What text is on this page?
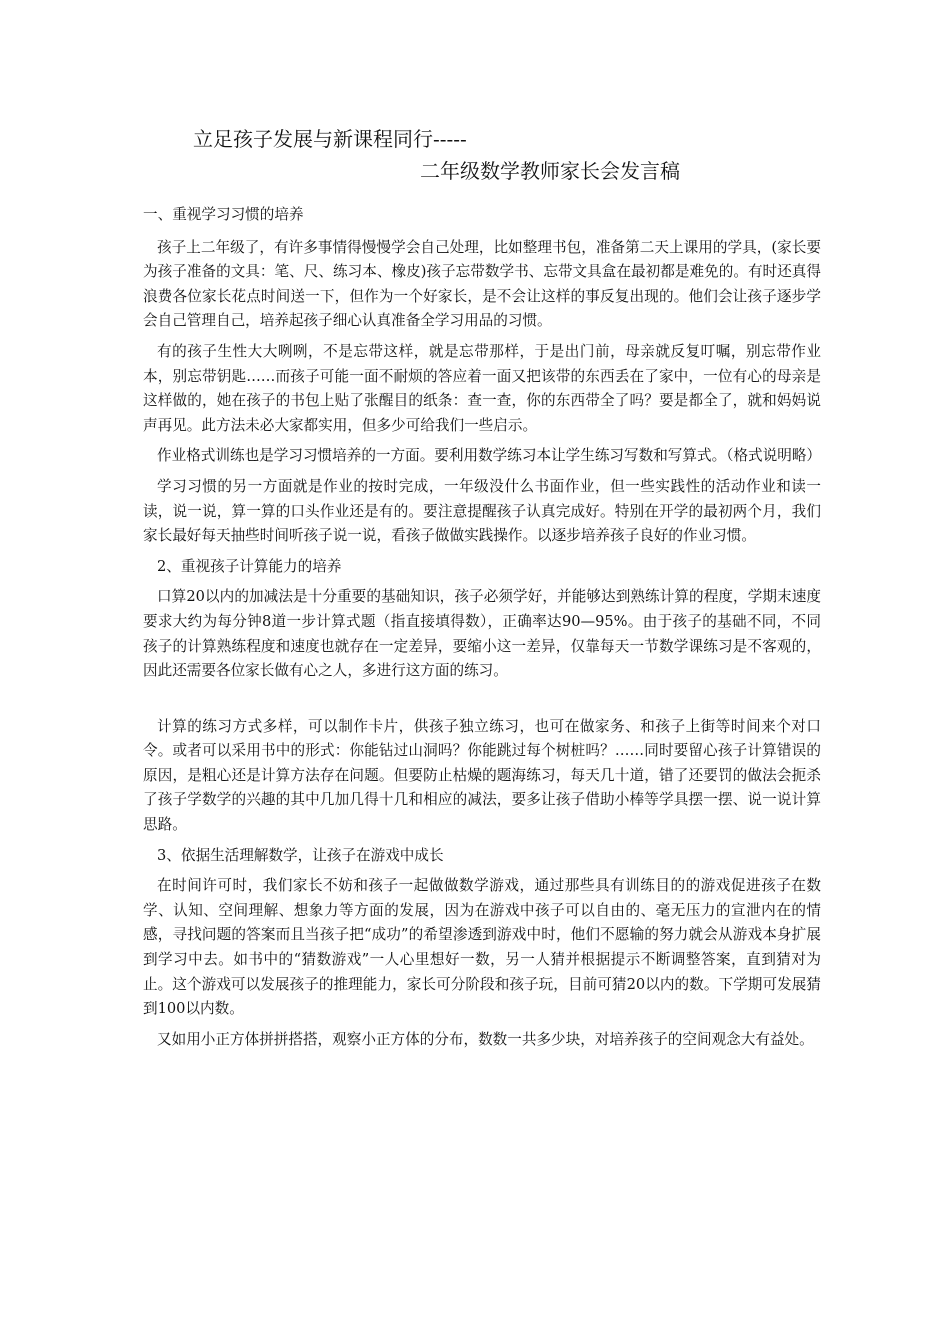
立足孩子发展与新课程同行-----
二年级数学教师家长会发言稿
一、重视学习习惯的培养

孩子上二年级了，有许多事情得慢慢学会自己处理，比如整理书包，准备第二天上课用的学具，(家长要为孩子准备的文具：笔、尺、练习本、橡皮)孩子忘带数学书、忘带文具盒在最初都是难免的。有时还真得浪费各位家长花点时间送一下，但作为一个好家长，是不会让这样的事反复出现的。他们会让孩子逐步学会自己管理自己，培养起孩子细心认真准备全学习用品的习惯。

有的孩子生性大大咧咧，不是忘带这样，就是忘带那样，于是出门前，母亲就反复叮嘱，别忘带作业本，别忘带钥匙……而孩子可能一面不耐烦的答应着一面又把该带的东西丢在了家中，一位有心的母亲是这样做的，她在孩子的书包上贴了张醒目的纸条：查一查，你的东西带全了吗？要是都全了，就和妈妈说声再见。此方法未必大家都实用，但多少可给我们一些启示。

作业格式训练也是学习习惯培养的一方面。要利用数学练习本让学生练习写数和写算式。（格式说明略）

学习习惯的另一方面就是作业的按时完成，一年级没什么书面作业，但一些实践性的活动作业和读一读，说一说，算一算的口头作业还是有的。要注意提醒孩子认真完成好。特别在开学的最初两个月，我们家长最好每天抽些时间听孩子说一说，看孩子做做实践操作。以逐步培养孩子良好的作业习惯。

2、重视孩子计算能力的培养

口算20以内的加减法是十分重要的基础知识，孩子必须学好，并能够达到熟练计算的程度，学期末速度要求大约为每分钟8道一步计算式题（指直接填得数），正确率达90—95%。由于孩子的基础不同，不同孩子的计算熟练程度和速度也就存在一定差异，要缩小这一差异，仅靠每天一节数学课练习是不客观的，因此还需要各位家长做有心之人，多进行这方面的练习。

计算的练习方式多样，可以制作卡片，供孩子独立练习，也可在做家务、和孩子上街等时间来个对口令。或者可以采用书中的形式：你能钻过山洞吗？你能跳过每个树桩吗？……同时要留心孩子计算错误的原因，是粗心还是计算方法存在问题。但要防止枯燥的题海练习，每天几十道，错了还要罚的做法会扼杀了孩子学数学的兴趣的其中几加几得十几和相应的减法，要多让孩子借助小棒等学具摆一摆、说一说计算思路。

3、依据生活理解数学，让孩子在游戏中成长

在时间许可时，我们家长不妨和孩子一起做做数学游戏，通过那些具有训练目的的游戏促进孩子在数学、认知、空间理解、想象力等方面的发展，因为在游戏中孩子可以自由的、毫无压力的宣泄内在的情感，寻找问题的答案而且当孩子把“成功”的希望渗透到游戏中时，他们不愿输的努力就会从游戏本身扩展到学习中去。如书中的“猜数游戏”一人心里想好一数，另一人猜并根据提示不断调整答案，直到猜对为止。这个游戏可以发展孩子的推理能力，家长可分阶段和孩子玩，目前可猜20以内的数。下学期可发展猜到100以内数。

又如用小正方体拼拼搭搭，观察小正方体的分布，数数一共多少块，对培养孩子的空间观念大有益处。
